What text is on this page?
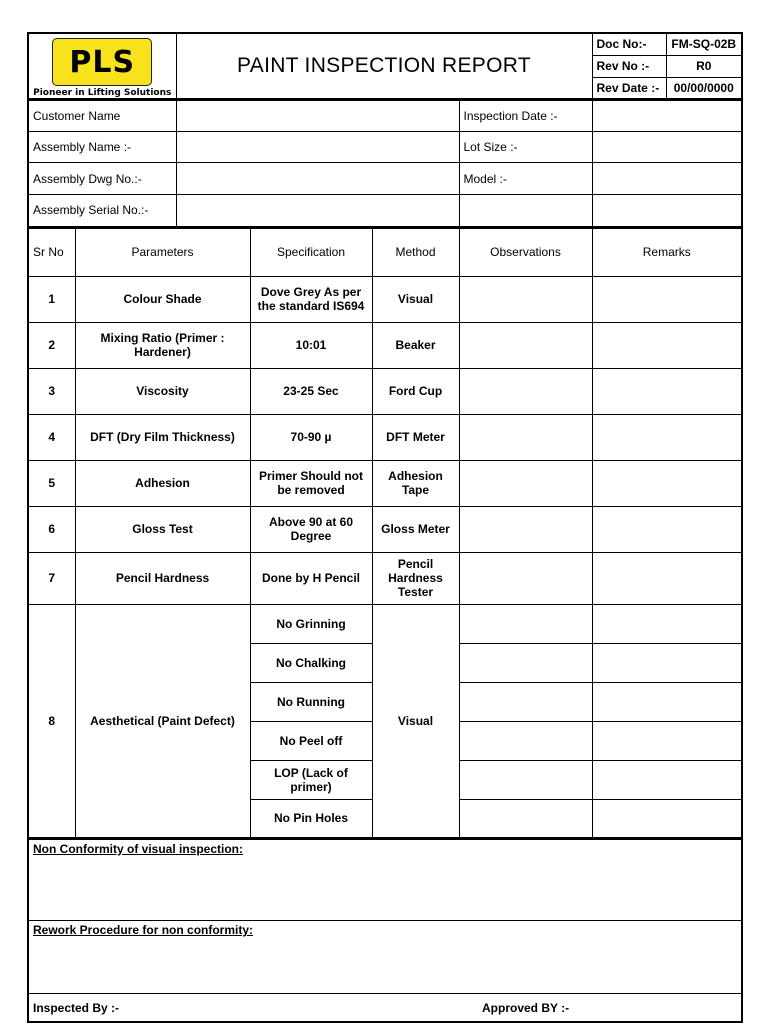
PLS
Pioneer in Lifting Solutions	PAINT INSPECTION REPORT	Doc No:-	FM-SQ-02B
		Rev No :-	R0
		Rev Date :-	00/00/0000
Customer Name		Inspection Date :-	
Assembly Name :-		Lot Size :-	
Assembly Dwg No.:-		Model :-	
Assembly Serial No.:-			
Sr No	Parameters	Specification	Method	Observations	Remarks
1	Colour Shade	Dove Grey As per the standard IS694	Visual		
2	Mixing Ratio (Primer : Hardener)	10:01	Beaker		
3	Viscosity	23-25 Sec	Ford Cup		
4	DFT (Dry Film Thickness)	70-90 µ	DFT Meter		
5	Adhesion	Primer Should not be removed	Adhesion Tape		
6	Gloss Test	Above 90 at 60 Degree	Gloss Meter		
7	Pencil Hardness	Done by H Pencil	Pencil Hardness Tester		
8	Aesthetical (Paint Defect)	No Grinning	Visual		
		No Chalking			
		No Running			
		No Peel off			
		LOP (Lack of primer)			
		No Pin Holes			
Non Conformity of visual inspection:
Rework Procedure for non conformity:
Inspected By :-	Approved BY :-
